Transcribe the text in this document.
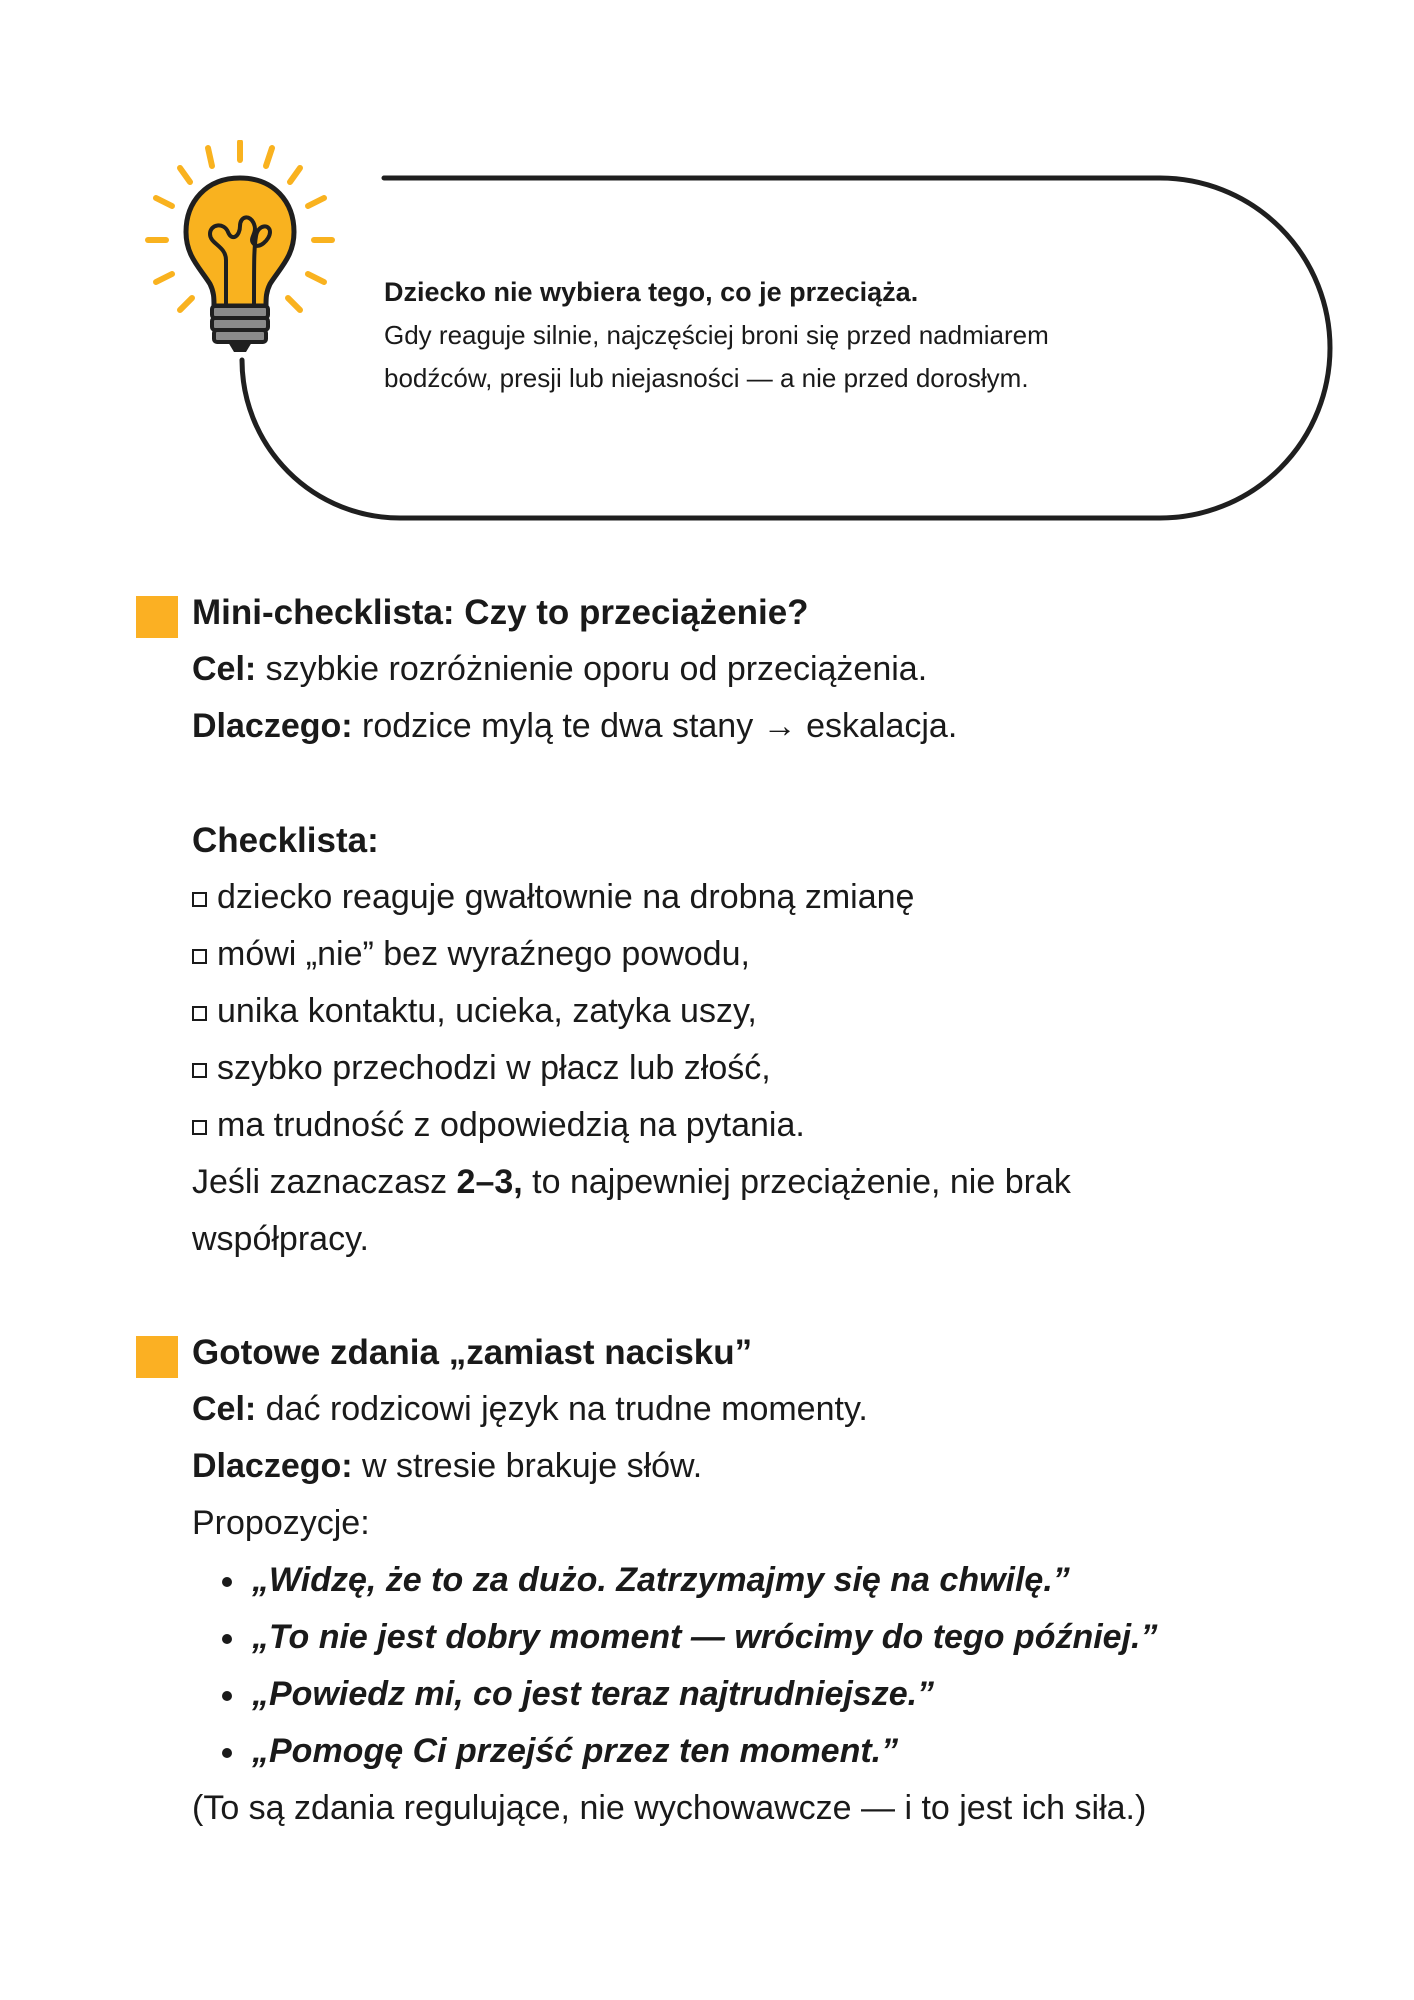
Dziecko nie wybiera tego, co je przeciąża.
Gdy reaguje silnie, najczęściej broni się przed nadmiarem
bodźców, presji lub niejasności — a nie przed dorosłym.
Mini-checklista: Czy to przeciążenie?
Cel: szybkie rozróżnienie oporu od przeciążenia.
Dlaczego: rodzice mylą te dwa stany → eskalacja.
Checklista:
dziecko reaguje gwałtownie na drobną zmianę
mówi „nie” bez wyraźnego powodu,
unika kontaktu, ucieka, zatyka uszy,
szybko przechodzi w płacz lub złość,
ma trudność z odpowiedzią na pytania.
Jeśli zaznaczasz 2–3, to najpewniej przeciążenie, nie brak
współpracy.
Gotowe zdania „zamiast nacisku”
Cel: dać rodzicowi język na trudne momenty.
Dlaczego: w stresie brakuje słów.
Propozycje:
„Widzę, że to za dużo. Zatrzymajmy się na chwilę.”
„To nie jest dobry moment — wrócimy do tego później.”
„Powiedz mi, co jest teraz najtrudniejsze.”
„Pomogę Ci przejść przez ten moment.”
(To są zdania regulujące, nie wychowawcze — i to jest ich siła.)
